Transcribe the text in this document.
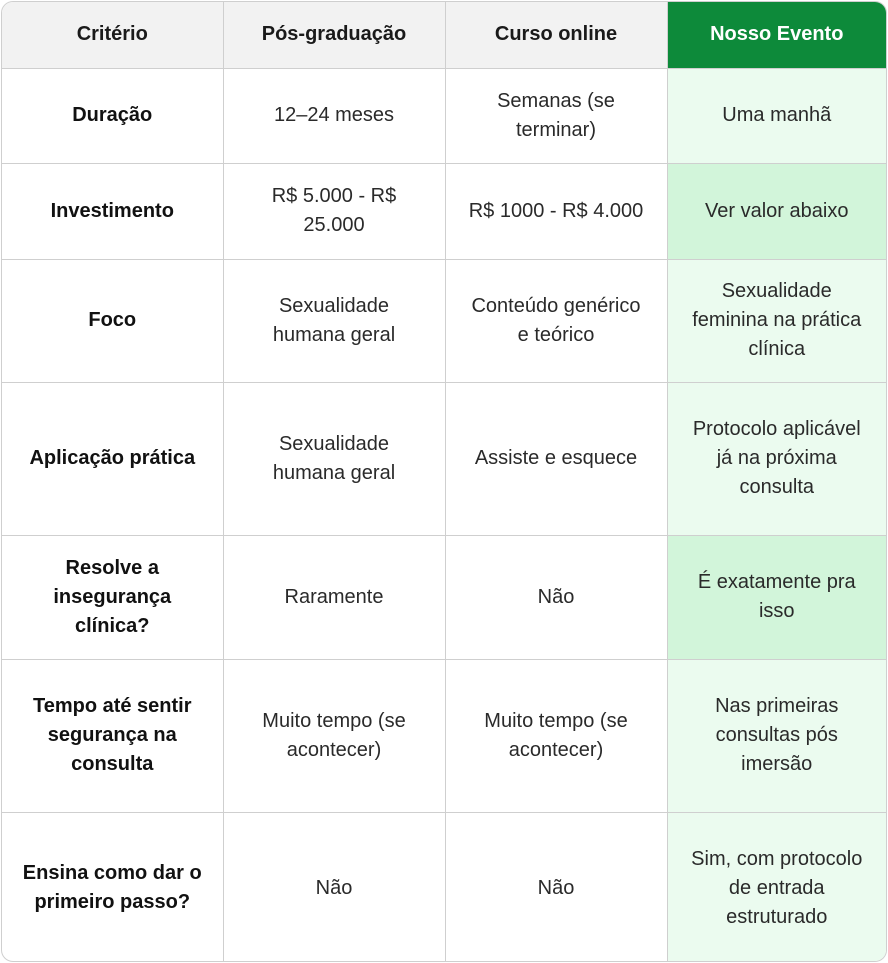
Critério	Pós-graduação	Curso online	Nosso Evento
Duração	12–24 meses	Semanas (se terminar)	Uma manhã
Investimento	R$ 5.000 - R$ 25.000	R$ 1000 - R$ 4.000	Ver valor abaixo
Foco	Sexualidade humana geral	Conteúdo genérico e teórico	Sexualidade feminina na prática clínica
Aplicação prática	Sexualidade humana geral	Assiste e esquece	Protocolo aplicável já na próxima consulta
Resolve a insegurança clínica?	Raramente	Não	É exatamente pra isso
Tempo até sentir segurança na consulta	Muito tempo (se acontecer)	Muito tempo (se acontecer)	Nas primeiras consultas pós imersão
Ensina como dar o primeiro passo?	Não	Não	Sim, com protocolo de entrada estruturado
